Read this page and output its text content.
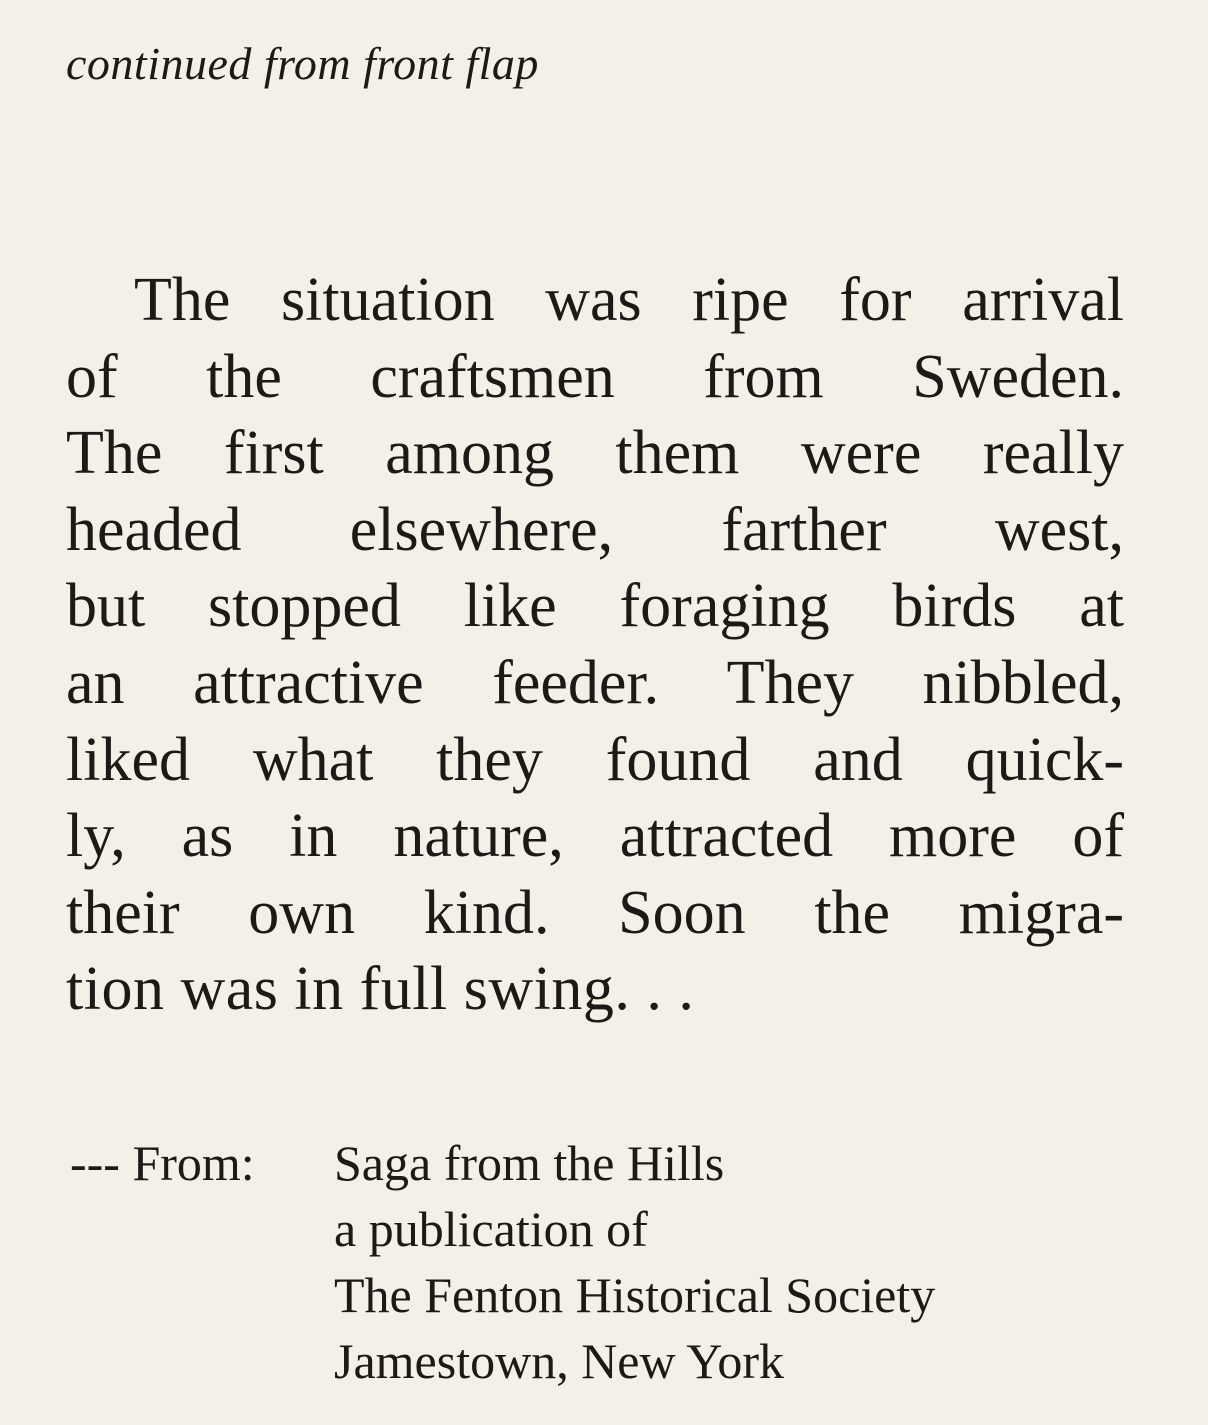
continued from front flap
The situation was ripe for arrival
of the craftsmen from Sweden.
The first among them were really
headed elsewhere, farther west,
but stopped like foraging birds at
an attractive feeder. They nibbled,
liked what they found and quick-
ly, as in nature, attracted more of
their own kind. Soon the migra-
tion was in full swing. . .
--- From: Saga from the Hills
a publication of
The Fenton Historical Society
Jamestown, New York
